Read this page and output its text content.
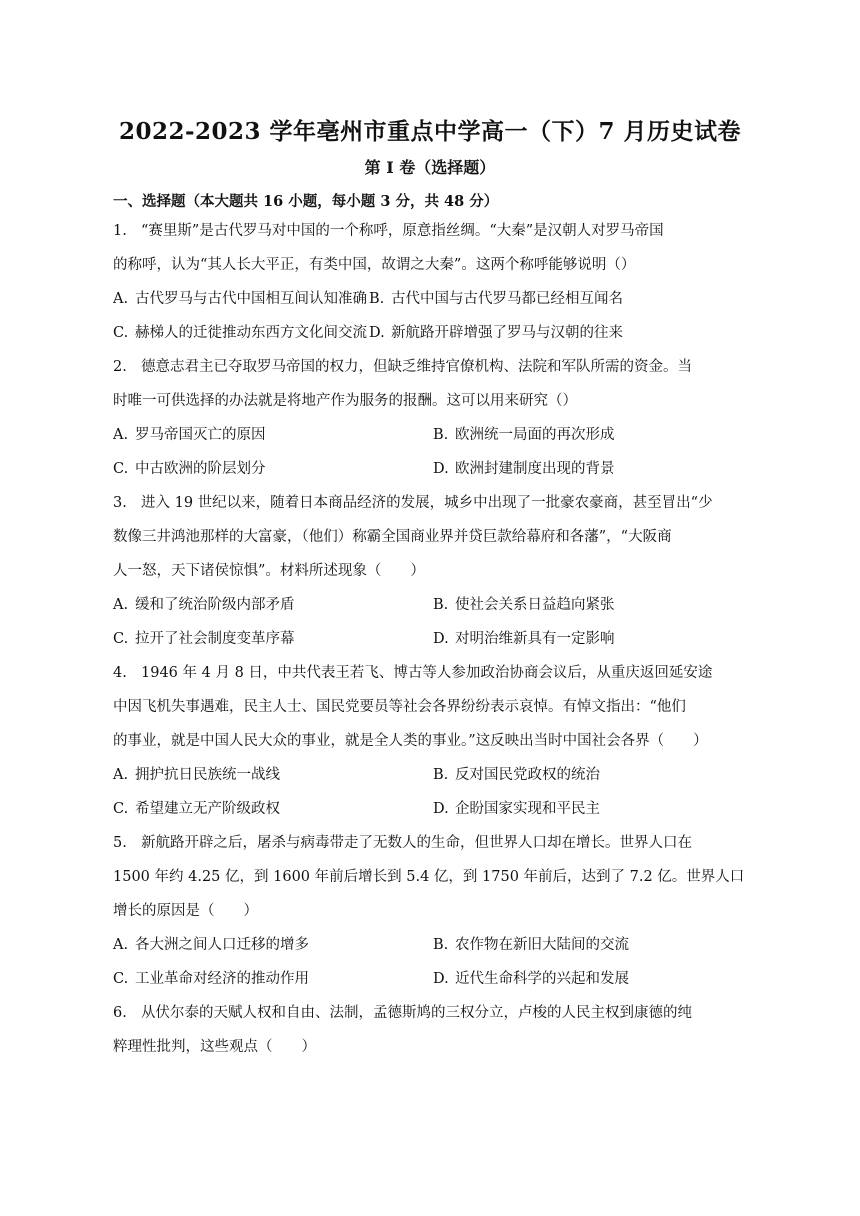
2022-2023 学年亳州市重点中学高一（下）7 月历史试卷
第 I 卷（选择题）
一、选择题（本大题共 16 小题，每小题 3 分，共 48 分）

1. “赛里斯”是古代罗马对中国的一个称呼，原意指丝绸。“大秦”是汉朝人对罗马帝国

的称呼，认为“其人长大平正，有类中国，故谓之大秦”。这两个称呼能够说明（）

A. 古代罗马与古代中国相互间认知准确 B. 古代中国与古代罗马都已经相互闻名
C. 赫梯人的迁徙推动东西方文化间交流 D. 新航路开辟增强了罗马与汉朝的往来

2. 德意志君主已夺取罗马帝国的权力，但缺乏维持官僚机构、法院和军队所需的资金。当

时唯一可供选择的办法就是将地产作为服务的报酬。这可以用来研究（）

A. 罗马帝国灭亡的原因	B. 欧洲统一局面的再次形成
C. 中古欧洲的阶层划分	D. 欧洲封建制度出现的背景

3. 进入 19 世纪以来，随着日本商品经济的发展，城乡中出现了一批豪农豪商，甚至冒出“少

数像三井鸿池那样的大富豪，（他们）称霸全国商业界并贷巨款给幕府和各藩”，“大阪商

人一怒，天下诸侯惊惧”。材料所述现象（　　）

A. 缓和了统治阶级内部矛盾	B. 使社会关系日益趋向紧张
C. 拉开了社会制度变革序幕	D. 对明治维新具有一定影响

4. 1946 年 4 月 8 日，中共代表王若飞、博古等人参加政治协商会议后，从重庆返回延安途

中因飞机失事遇难，民主人士、国民党要员等社会各界纷纷表示哀悼。有悼文指出：“他们

的事业，就是中国人民大众的事业，就是全人类的事业。”这反映出当时中国社会各界（　　）

A. 拥护抗日民族统一战线	B. 反对国民党政权的统治
C. 希望建立无产阶级政权	D. 企盼国家实现和平民主

5. 新航路开辟之后，屠杀与病毒带走了无数人的生命，但世界人口却在增长。世界人口在

1500 年约 4.25 亿，到 1600 年前后增长到 5.4 亿，到 1750 年前后，达到了 7.2 亿。世界人口

增长的原因是（　　）

A. 各大洲之间人口迁移的增多	B. 农作物在新旧大陆间的交流
C. 工业革命对经济的推动作用	D. 近代生命科学的兴起和发展

6. 从伏尔泰的天赋人权和自由、法制，孟德斯鸠的三权分立，卢梭的人民主权到康德的纯

粹理性批判，这些观点（　　）
